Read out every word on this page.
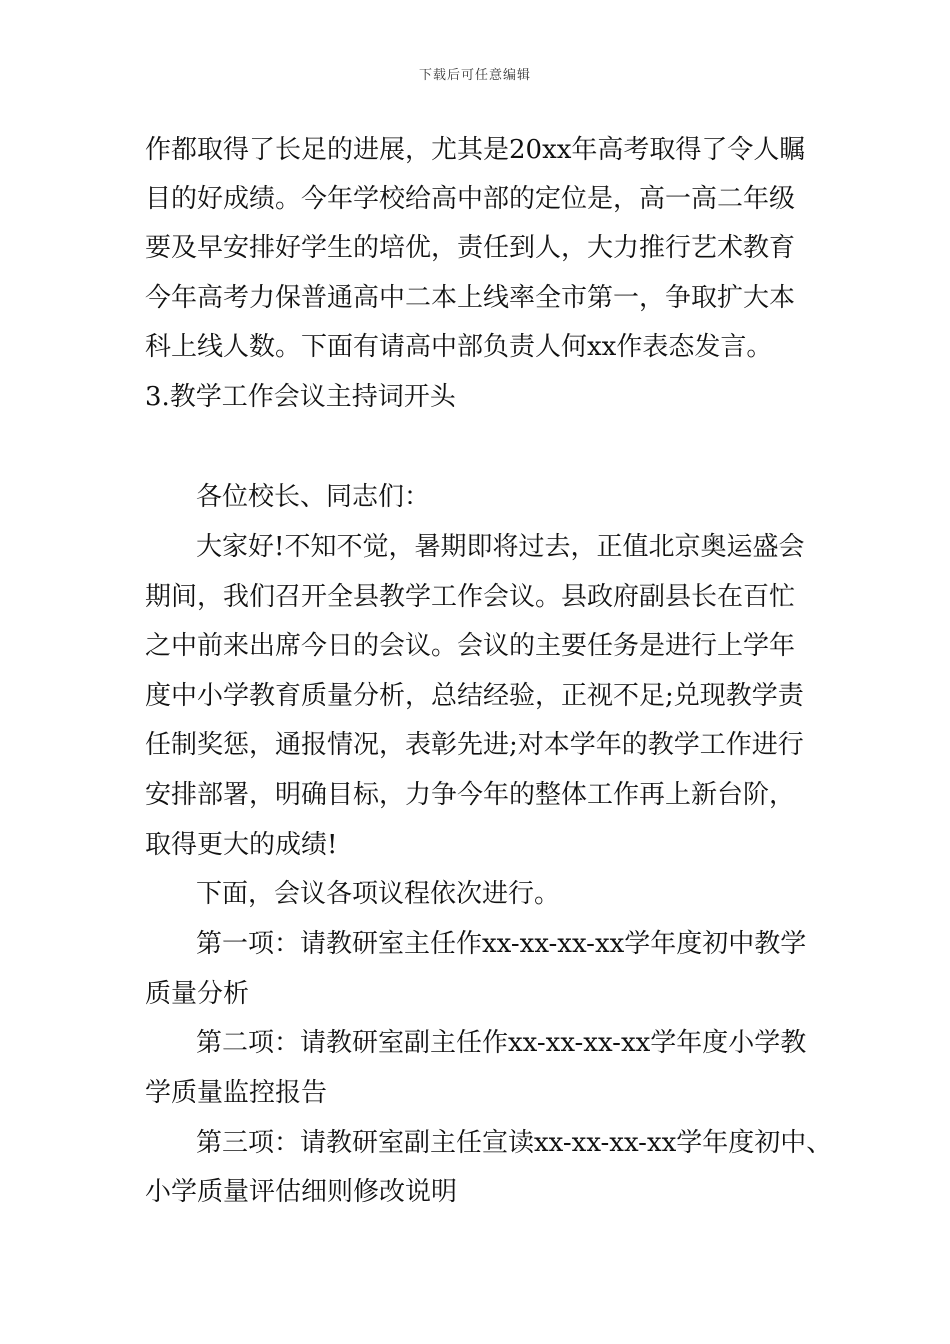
下载后可任意编辑
作都取得了长足的进展，尤其是20xx年高考取得了令人瞩
目的好成绩。今年学校给高中部的定位是，高一高二年级
要及早安排好学生的培优，责任到人，大力推行艺术教育
今年高考力保普通高中二本上线率全市第一，争取扩大本
科上线人数。下面有请高中部负责人何xx作表态发言。
3.教学工作会议主持词开头
各位校长、同志们：
大家好!不知不觉，暑期即将过去，正值北京奥运盛会
期间，我们召开全县教学工作会议。县政府副县长在百忙
之中前来出席今日的会议。会议的主要任务是进行上学年
度中小学教育质量分析，总结经验，正视不足;兑现教学责
任制奖惩，通报情况，表彰先进;对本学年的教学工作进行
安排部署，明确目标，力争今年的整体工作再上新台阶，
取得更大的成绩!
下面，会议各项议程依次进行。
第一项：请教研室主任作xx-xx-xx-xx学年度初中教学
质量分析
第二项：请教研室副主任作xx-xx-xx-xx学年度小学教
学质量监控报告
第三项：请教研室副主任宣读xx-xx-xx-xx学年度初中、
小学质量评估细则修改说明
